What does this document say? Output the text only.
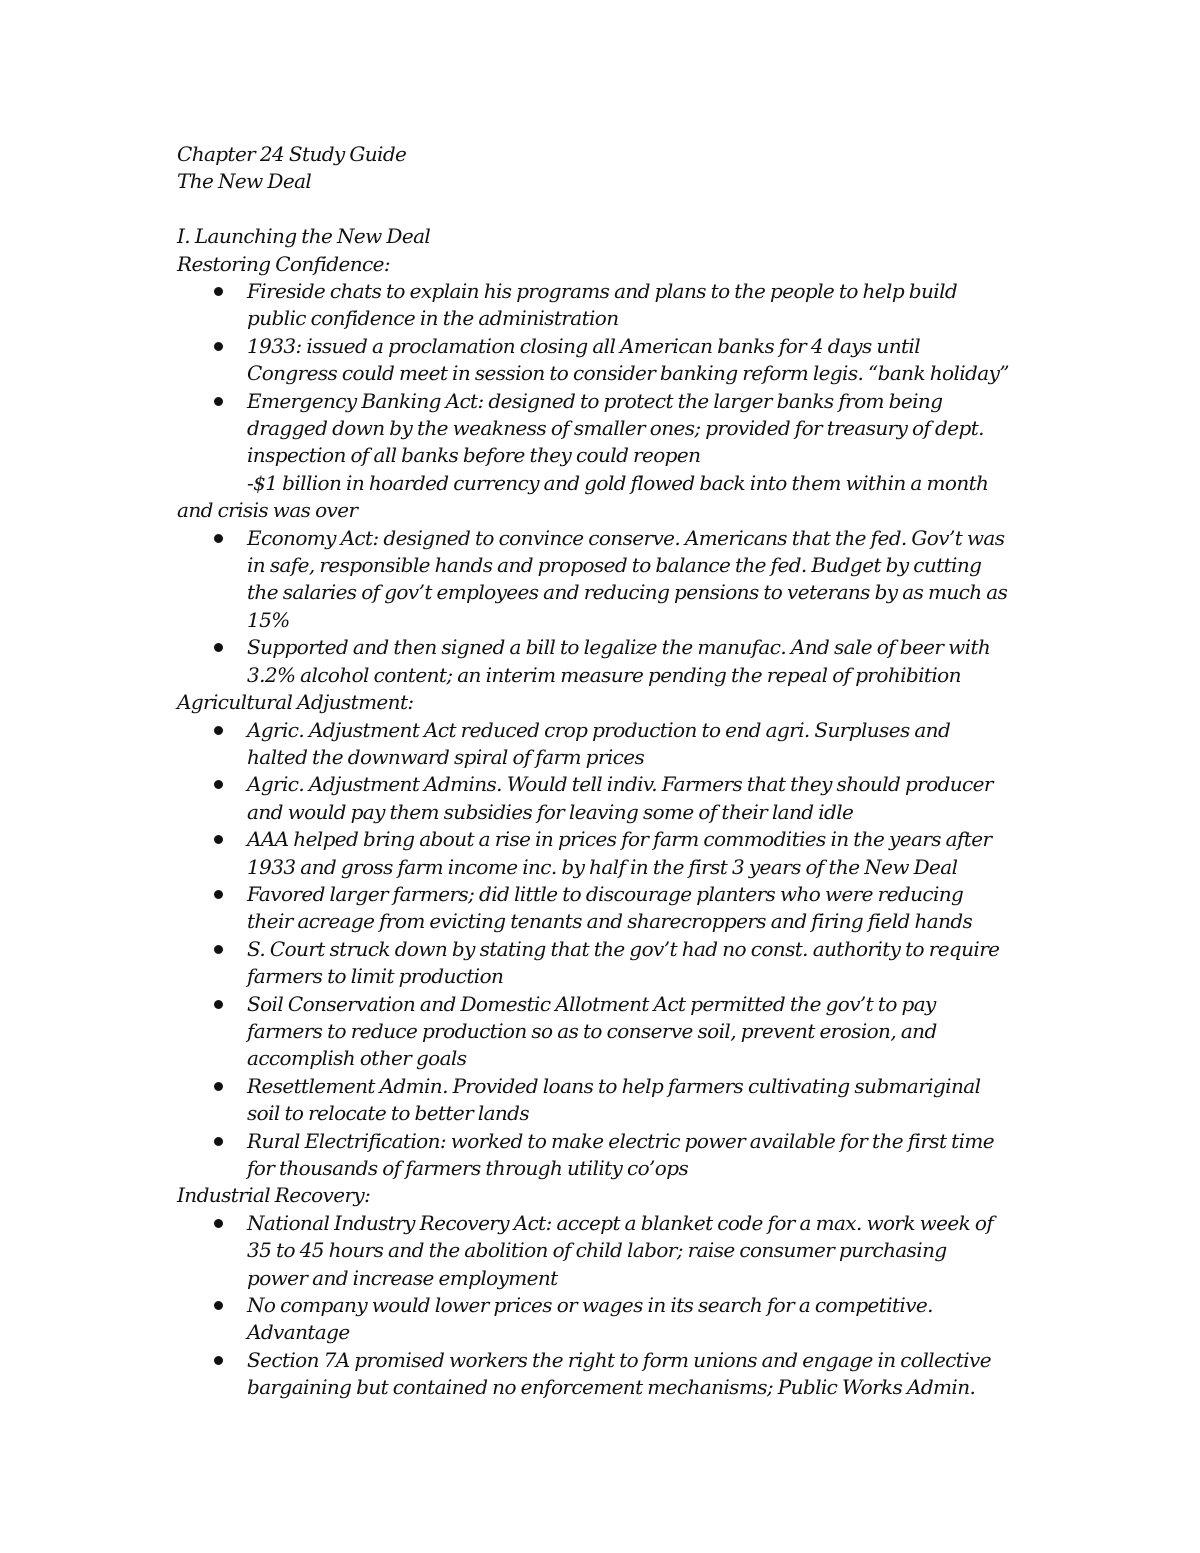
Chapter 24 Study Guide
The New Deal
I. Launching the New Deal
Restoring Confidence:
Fireside chats to explain his programs and plans to the people to help build
public confidence in the administration
1933: issued a proclamation closing all American banks for 4 days until
Congress could meet in session to consider banking reform legis. “bank holiday”
Emergency Banking Act: designed to protect the larger banks from being
dragged down by the weakness of smaller ones; provided for treasury of dept.
inspection of all banks before they could reopen
-$1 billion in hoarded currency and gold flowed back into them within a month
and crisis was over
Economy Act: designed to convince conserve. Americans that the fed. Gov’t was
in safe, responsible hands and proposed to balance the fed. Budget by cutting
the salaries of gov’t employees and reducing pensions to veterans by as much as
15%
Supported and then signed a bill to legalize the manufac. And sale of beer with
3.2% alcohol content; an interim measure pending the repeal of prohibition
Agricultural Adjustment:
Agric. Adjustment Act reduced crop production to end agri. Surpluses and
halted the downward spiral of farm prices
Agric. Adjustment Admins. Would tell indiv. Farmers that they should producer
and would pay them subsidies for leaving some of their land idle
AAA helped bring about a rise in prices for farm commodities in the years after
1933 and gross farm income inc. by half in the first 3 years of the New Deal
Favored larger farmers; did little to discourage planters who were reducing
their acreage from evicting tenants and sharecroppers and firing field hands
S. Court struck down by stating that the gov’t had no const. authority to require
farmers to limit production
Soil Conservation and Domestic Allotment Act permitted the gov’t to pay
farmers to reduce production so as to conserve soil, prevent erosion, and
accomplish other goals
Resettlement Admin. Provided loans to help farmers cultivating submariginal
soil to relocate to better lands
Rural Electrification: worked to make electric power available for the first time
for thousands of farmers through utility co’ops
Industrial Recovery:
National Industry Recovery Act: accept a blanket code for a max. work week of
35 to 45 hours and the abolition of child labor; raise consumer purchasing
power and increase employment
No company would lower prices or wages in its search for a competitive.
Advantage
Section 7A promised workers the right to form unions and engage in collective
bargaining but contained no enforcement mechanisms; Public Works Admin.
